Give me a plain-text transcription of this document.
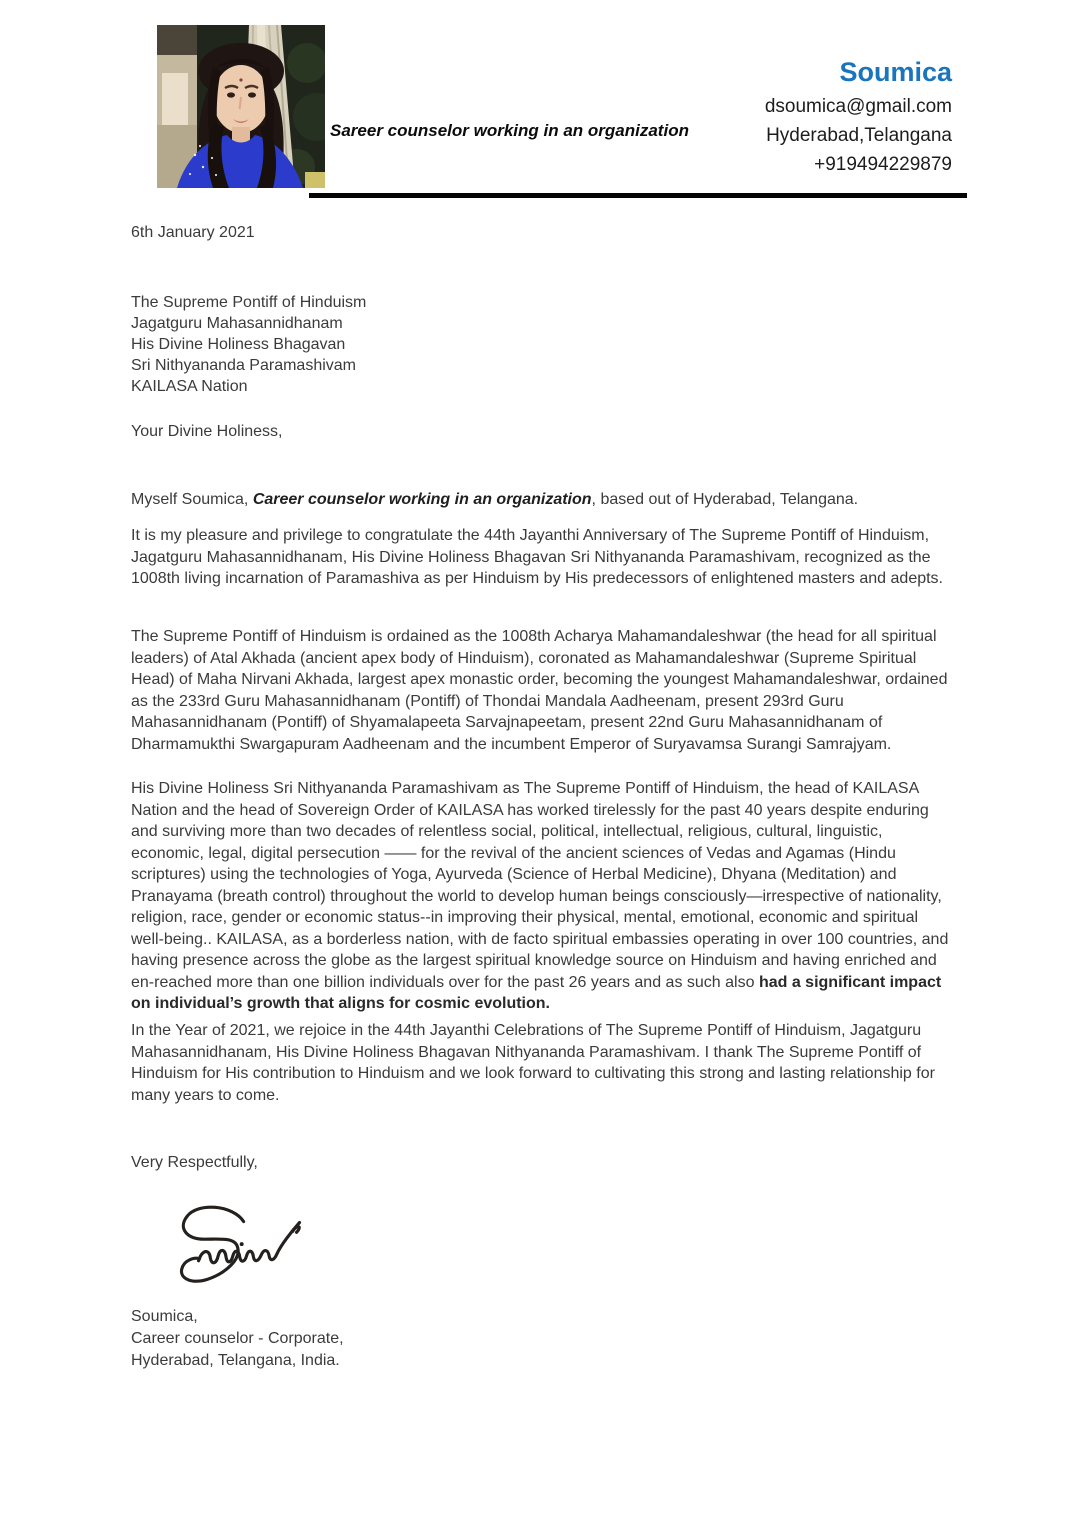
Sareer counselor working in an organization
Soumica
dsoumica@gmail.com
Hyderabad,Telangana
+919494229879
6th January 2021
The Supreme Pontiff of Hinduism
Jagatguru Mahasannidhanam
His Divine Holiness Bhagavan
Sri Nithyananda Paramashivam
KAILASA Nation
Your Divine Holiness,
Myself Soumica, Career counselor working in an organization, based out of Hyderabad, Telangana.
It is my pleasure and privilege to congratulate the 44th Jayanthi Anniversary of The Supreme Pontiff of Hinduism, Jagatguru Mahasannidhanam, His Divine Holiness Bhagavan Sri Nithyananda Paramashivam, recognized as the 1008th living incarnation of Paramashiva as per Hinduism by His predecessors of enlightened masters and adepts.
The Supreme Pontiff of Hinduism is ordained as the 1008th Acharya Mahamandaleshwar (the head for all spiritual leaders) of Atal Akhada (ancient apex body of Hinduism), coronated as Mahamandaleshwar (Supreme Spiritual Head) of Maha Nirvani Akhada, largest apex monastic order, becoming the youngest Mahamandaleshwar, ordained as the 233rd Guru Mahasannidhanam (Pontiff) of Thondai Mandala Aadheenam, present 293rd Guru Mahasannidhanam (Pontiff) of Shyamalapeeta Sarvajnapeetam, present 22nd Guru Mahasannidhanam of Dharmamukthi Swargapuram Aadheenam and the incumbent Emperor of Suryavamsa Surangi Samrajyam.
His Divine Holiness Sri Nithyananda Paramashivam as The Supreme Pontiff of Hinduism, the head of KAILASA Nation and the head of Sovereign Order of KAILASA has worked tirelessly for the past 40 years despite enduring and surviving more than two decades of relentless social, political, intellectual, religious, cultural, linguistic, economic, legal, digital persecution —— for the revival of the ancient sciences of Vedas and Agamas (Hindu scriptures) using the technologies of Yoga, Ayurveda (Science of Herbal Medicine), Dhyana (Meditation) and Pranayama (breath control) throughout the world to develop human beings consciously—irrespective of nationality, religion, race, gender or economic status--in improving their physical, mental, emotional, economic and spiritual well-being.. KAILASA, as a borderless nation, with de facto spiritual embassies operating in over 100 countries, and having presence across the globe as the largest spiritual knowledge source on Hinduism and having enriched and en-reached more than one billion individuals over for the past 26 years and as such also had a significant impact on individual’s growth that aligns for cosmic evolution.
In the Year of 2021, we rejoice in the 44th Jayanthi Celebrations of The Supreme Pontiff of Hinduism, Jagatguru Mahasannidhanam, His Divine Holiness Bhagavan Nithyananda Paramashivam. I thank The Supreme Pontiff of Hinduism for His contribution to Hinduism and we look forward to cultivating this strong and lasting relationship for many years to come.
Very Respectfully,
Soumica,
Career counselor - Corporate,
Hyderabad, Telangana, India.
